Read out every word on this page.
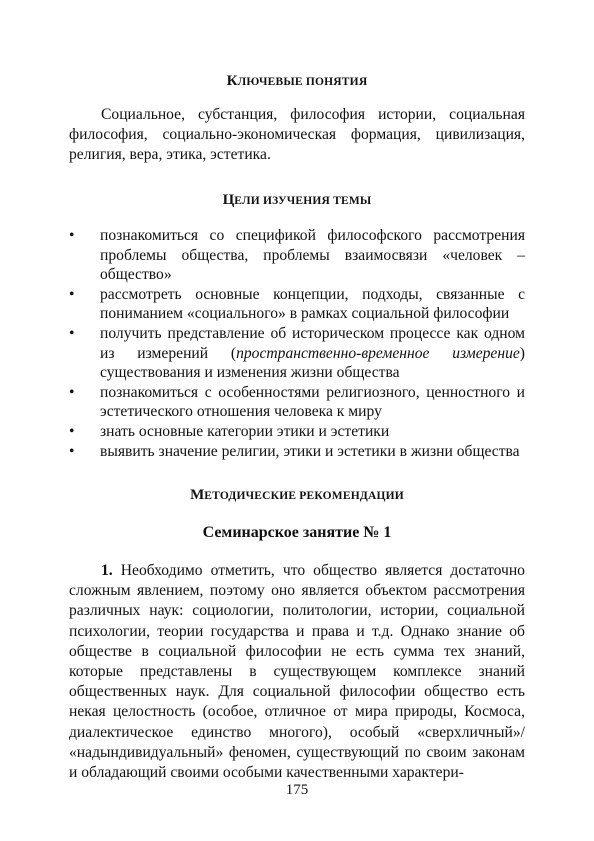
КЛЮЧЕВЫЕ ПОНЯТИЯ

Социальное, субстанция, философия истории, социальная философия, социально-экономическая формация, цивилизация, религия, вера, этика, эстетика.

ЦЕЛИ ИЗУЧЕНИЯ ТЕМЫ
• познакомиться со спецификой философского рассмотрения проблемы общества, проблемы взаимосвязи «человек – общество»
• рассмотреть основные концепции, подходы, связанные с пониманием «социального» в рамках социальной философии
• получить представление об историческом процессе как одном из измерений (пространственно-временное измерение) существования и изменения жизни общества
• познакомиться с особенностями религиозного, ценностного и эстетического отношения человека к миру
• знать основные категории этики и эстетики
• выявить значение религии, этики и эстетики в жизни общества
МЕТОДИЧЕСКИЕ РЕКОМЕНДАЦИИ
Семинарское занятие № 1

1. Необходимо отметить, что общество является достаточно сложным явлением, поэтому оно является объектом рассмотрения различных наук: социологии, политологии, истории, социальной психологии, теории государства и права и т.д. Однако знание об обществе в социальной философии не есть сумма тех знаний, которые представлены в существующем комплексе знаний общественных наук. Для социальной философии общество есть некая целостность (особое, отличное от мира природы, Космоса, диалектическое единство многого), особый «сверхличный»/ «надындивидуальный» феномен, существующий по своим законам и обладающий своими особыми качественными характери-

175
